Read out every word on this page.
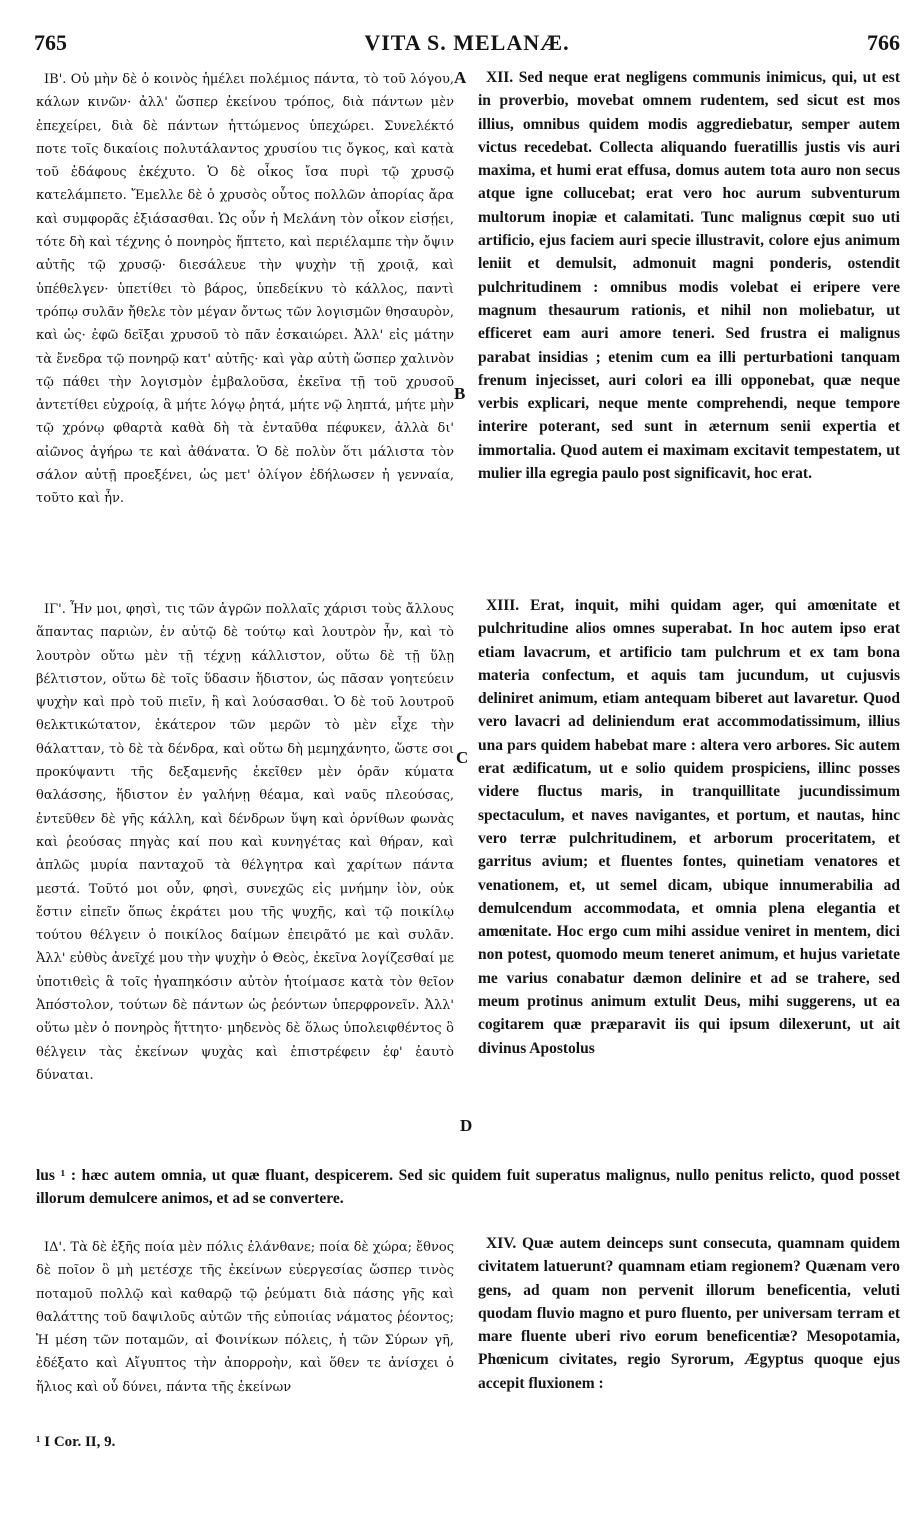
765	VITA S. MELANÆ.	766

ΙΒ'. Οὐ μὴν δὲ ὁ κοινὸς ἡμέλει πολέμιος πάντα, τὸ τοῦ λόγου, κάλων κινῶν· ἀλλ' ὥσπερ ἐκείνου τρόπος, διὰ πάντων μὲν ἐπεχείρει, διὰ δὲ πάντων ἡττώμενος ὑπεχώρει. Συνελέκτό ποτε τοῖς δικαίοις πολυτάλαντος χρυσίου τις ὄγκος, καὶ κατὰ τοῦ ἐδάφους ἐκέχυτο. Ὁ δὲ οἶκος ἴσα πυρὶ τῷ χρυσῷ κατελάμπετο. Ἔμελλε δὲ ὁ χρυσὸς οὗτος πολλῶν ἀπορίας ἄρα καὶ συμφορᾶς ἐξιάσασθαι. Ὡς οὖν ἡ Μελάνη τὸν οἶκον εἰσῄει, τότε δὴ καὶ τέχνης ὁ πονηρὸς ἥπτετο, καὶ περιέλαμπε τὴν ὄψιν αὐτῆς τῷ χρυσῷ· διεσάλευε τὴν ψυχὴν τῇ χροιᾷ, καὶ ὑπέθελγεν· ὑπετίθει τὸ βάρος, ὑπεδείκνυ τὸ κάλλος, παντὶ τρόπῳ συλᾶν ἤθελε τὸν μέγαν ὄντως τῶν λογισμῶν θησαυρὸν, καὶ ὡς· ἐφῶ δεῖξαι χρυσοῦ τὸ πᾶν ἐσκαιώρει. Ἀλλ' εἰς μάτην τὰ ἔνεδρα τῷ πονηρῷ κατ' αὐτῆς· καὶ γὰρ αὐτὴ ὥσπερ χαλινὸν τῷ πάθει τὴν λογισμὸν ἐμβαλοῦσα, ἐκεῖνα τῇ τοῦ χρυσοῦ ἀντετίθει εὐχροίᾳ, ἃ μήτε λόγῳ ῥητά, μήτε νῷ ληπτά, μήτε μὴν τῷ χρόνῳ φθαρτὰ καθὰ δὴ τὰ ἐνταῦθα πέφυκεν, ἀλλὰ δι' αἰῶνος ἀγήρω τε καὶ ἀθάνατα. Ὁ δὲ πολὺν ὅτι μάλιστα τὸν σάλον αὐτῇ προεξένει, ὡς μετ' ὀλίγον ἐδήλωσεν ἡ γενναία, τοῦτο καὶ ἦν.

ΙΓ'. Ἦν μοι, φησὶ, τις τῶν ἀγρῶν πολλαῖς χάρισι τοὺς ἄλλους ἅπαντας παριὼν, ἐν αὐτῷ δὲ τούτῳ καὶ λουτρὸν ἦν, καὶ τὸ λουτρὸν οὕτω μὲν τῇ τέχνῃ κάλλιστον, οὕτω δὲ τῇ ὕλῃ βέλτιστον, οὕτω δὲ τοῖς ὕδασιν ἥδιστον, ὡς πᾶσαν γοητεύειν ψυχὴν καὶ πρὸ τοῦ πιεῖν, ἢ καὶ λούσασθαι. Ὁ δὲ τοῦ λουτροῦ θελκτικώτατον, ἑκάτερον τῶν μερῶν τὸ μὲν εἶχε τὴν θάλατταν, τὸ δὲ τὰ δένδρα, καὶ οὕτω δὴ μεμηχάνητο, ὥστε σοι προκύψαντι τῆς δεξαμενῆς ἐκεῖθεν μὲν ὁρᾶν κύματα θαλάσσης, ἥδιστον ἐν γαλήνῃ θέαμα, καὶ ναῦς πλεούσας, ἐντεῦθεν δὲ γῆς κάλλη, καὶ δένδρων ὕψη καὶ ὀρνίθων φωνὰς καὶ ῥεούσας πηγὰς καί που καὶ κυνηγέτας καὶ θήραν, καὶ ἁπλῶς μυρία πανταχοῦ τὰ θέλγητρα καὶ χαρίτων πάντα μεστά. Τοῦτό μοι οὖν, φησὶ, συνεχῶς εἰς μνήμην ἰὸν, οὐκ ἔστιν εἰπεῖν ὅπως ἐκράτει μου τῆς ψυχῆς, καὶ τῷ ποικίλῳ τούτου θέλγειν ὁ ποικίλος δαίμων ἐπειρᾶτό με καὶ συλᾶν. Ἀλλ' εὐθὺς ἀνεῖχέ μου τὴν ψυχὴν ὁ Θεὸς, ἐκεῖνα λογίζεσθαί με ὑποτιθεὶς ἃ τοῖς ἠγαπηκόσιν αὐτὸν ἡτοίμασε κατὰ τὸν θεῖον Ἀπόστολον, τούτων δὲ πάντων ὡς ῥεόντων ὑπερφρονεῖν. Ἀλλ' οὕτω μὲν ὁ πονηρὸς ἥττητο· μηδενὸς δὲ ὅλως ὑπολειφθέντος ὃ θέλγειν τὰς ἐκείνων ψυχὰς καὶ ἐπιστρέφειν ἐφ' ἑαυτὸ δύναται.

XII. Sed neque erat negligens communis inimicus, qui, ut est in proverbio, movebat omnem rudentem, sed sicut est mos illius, omnibus quidem modis aggrediebatur, semper autem victus recedebat. Collecta aliquando fueratillis justis vis auri maxima, et humi erat effusa, domus autem tota auro non secus atque igne collucebat; erat vero hoc aurum subventurum multorum inopiæ et calamitati. Tunc malignus cœpit suo uti artificio, ejus faciem auri specie illustravit, colore ejus animum leniit et demulsit, admonuit magni ponderis, ostendit pulchritudinem : omnibus modis volebat ei eripere vere magnum thesaurum rationis, et nihil non moliebatur, ut efficeret eam auri amore teneri. Sed frustra ei malignus parabat insidias ; etenim cum ea illi perturbationi tanquam frenum injecisset, auri colori ea illi opponebat, quæ neque verbis explicari, neque mente comprehendi, neque tempore interire poterant, sed sunt in æternum senii expertia et immortalia. Quod autem ei maximam excitavit tempestatem, ut mulier illa egregia paulo post significavit, hoc erat.

XIII. Erat, inquit, mihi quidam ager, qui amœnitate et pulchritudine alios omnes superabat. In hoc autem ipso erat etiam lavacrum, et artificio tam pulchrum et ex tam bona materia confectum, et aquis tam jucundum, ut cujusvis deliniret animum, etiam antequam biberet aut lavaretur. Quod vero lavacri ad deliniendum erat accommodatissimum, illius una pars quidem habebat mare : altera vero arbores. Sic autem erat ædificatum, ut e solio quidem prospiciens, illinc posses videre fluctus maris, in tranquillitate jucundissimum spectaculum, et naves navigantes, et portum, et nautas, hinc vero terræ pulchritudinem, et arborum proceritatem, et garritus avium; et fluentes fontes, quinetiam venatores et venationem, et, ut semel dicam, ubique innumerabilia ad demulcendum accommodata, et omnia plena elegantia et amœnitate. Hoc ergo cum mihi assidue veniret in mentem, dici non potest, quomodo meum teneret animum, et hujus varietate me varius conabatur dæmon delinire et ad se trahere, sed meum protinus animum extulit Deus, mihi suggerens, ut ea cogitarem quæ præparavit iis qui ipsum dilexerunt, ut ait divinus Apostolus

A
B
C
D
lus ¹ : hæc autem omnia, ut quæ fluant, despicerem. Sed sic quidem fuit superatus malignus, nullo penitus relicto, quod posset illorum demulcere animos, et ad se convertere.

ΙΔ'. Τὰ δὲ ἑξῆς ποία μὲν πόλις ἐλάνθανε; ποία δὲ χώρα; ἔθνος δὲ ποῖον ὃ μὴ μετέσχε τῆς ἐκείνων εὐεργεσίας ὥσπερ τινὸς ποταμοῦ πολλῷ καὶ καθαρῷ τῷ ῥεύματι διὰ πάσης γῆς καὶ θαλάττης τοῦ δαψιλοῦς αὐτῶν τῆς εὐποιίας νάματος ῥέοντος; Ἡ μέση τῶν ποταμῶν, αἱ Φοινίκων πόλεις, ἡ τῶν Σύρων γῆ, ἐδέξατο καὶ Αἴγυπτος τὴν ἀπορροὴν, καὶ ὅθεν τε ἀνίσχει ὁ ἥλιος καὶ οὗ δύνει, πάντα τῆς ἐκείνων

XIV. Quæ autem deinceps sunt consecuta, quamnam quidem civitatem latuerunt? quamnam etiam regionem? Quænam vero gens, ad quam non pervenit illorum beneficentia, veluti quodam fluvio magno et puro fluento, per universam terram et mare fluente uberi rivo eorum beneficentiæ? Mesopotamia, Phœnicum civitates, regio Syrorum, Ægyptus quoque ejus accepit fluxionem :

¹ I Cor. II, 9.
